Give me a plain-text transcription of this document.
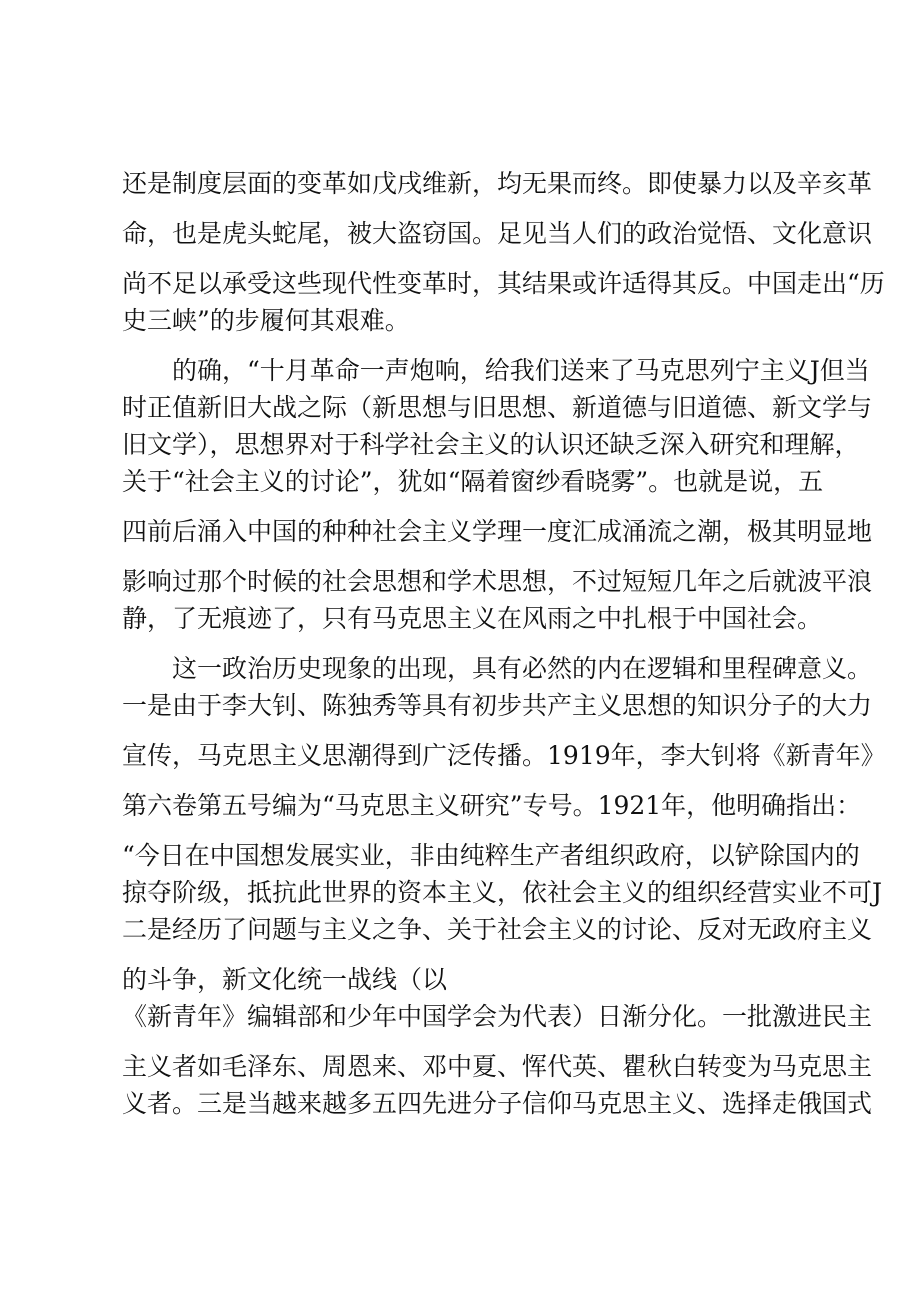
还是制度层面的变革如戊戌维新，均无果而终。即使暴力以及辛亥革
命，也是虎头蛇尾，被大盗窃国。足见当人们的政治觉悟、文化意识
尚不足以承受这些现代性变革时，其结果或许适得其反。中国走出“历
史三峡”的步履何其艰难。
的确，“十月革命一声炮响，给我们送来了马克思列宁主义J但当
时正值新旧大战之际（新思想与旧思想、新道德与旧道德、新文学与
旧文学），思想界对于科学社会主义的认识还缺乏深入研究和理解，
关于“社会主义的讨论”，犹如“隔着窗纱看晓雾”。也就是说，五
四前后涌入中国的种种社会主义学理一度汇成涌流之潮，极其明显地
影响过那个时候的社会思想和学术思想，不过短短几年之后就波平浪
静，了无痕迹了，只有马克思主义在风雨之中扎根于中国社会。
这一政治历史现象的出现，具有必然的内在逻辑和里程碑意义。
一是由于李大钊、陈独秀等具有初步共产主义思想的知识分子的大力
宣传，马克思主义思潮得到广泛传播。1919年，李大钊将《新青年》
第六卷第五号编为“马克思主义研究”专号。1921年，他明确指出：
“今日在中国想发展实业，非由纯粹生产者组织政府，以铲除国内的
掠夺阶级，抵抗此世界的资本主义，依社会主义的组织经营实业不可J
二是经历了问题与主义之争、关于社会主义的讨论、反对无政府主义
的斗争，新文化统一战线（以
《新青年》编辑部和少年中国学会为代表）日渐分化。一批激进民主
主义者如毛泽东、周恩来、邓中夏、恽代英、瞿秋白转变为马克思主
义者。三是当越来越多五四先进分子信仰马克思主义、选择走俄国式
